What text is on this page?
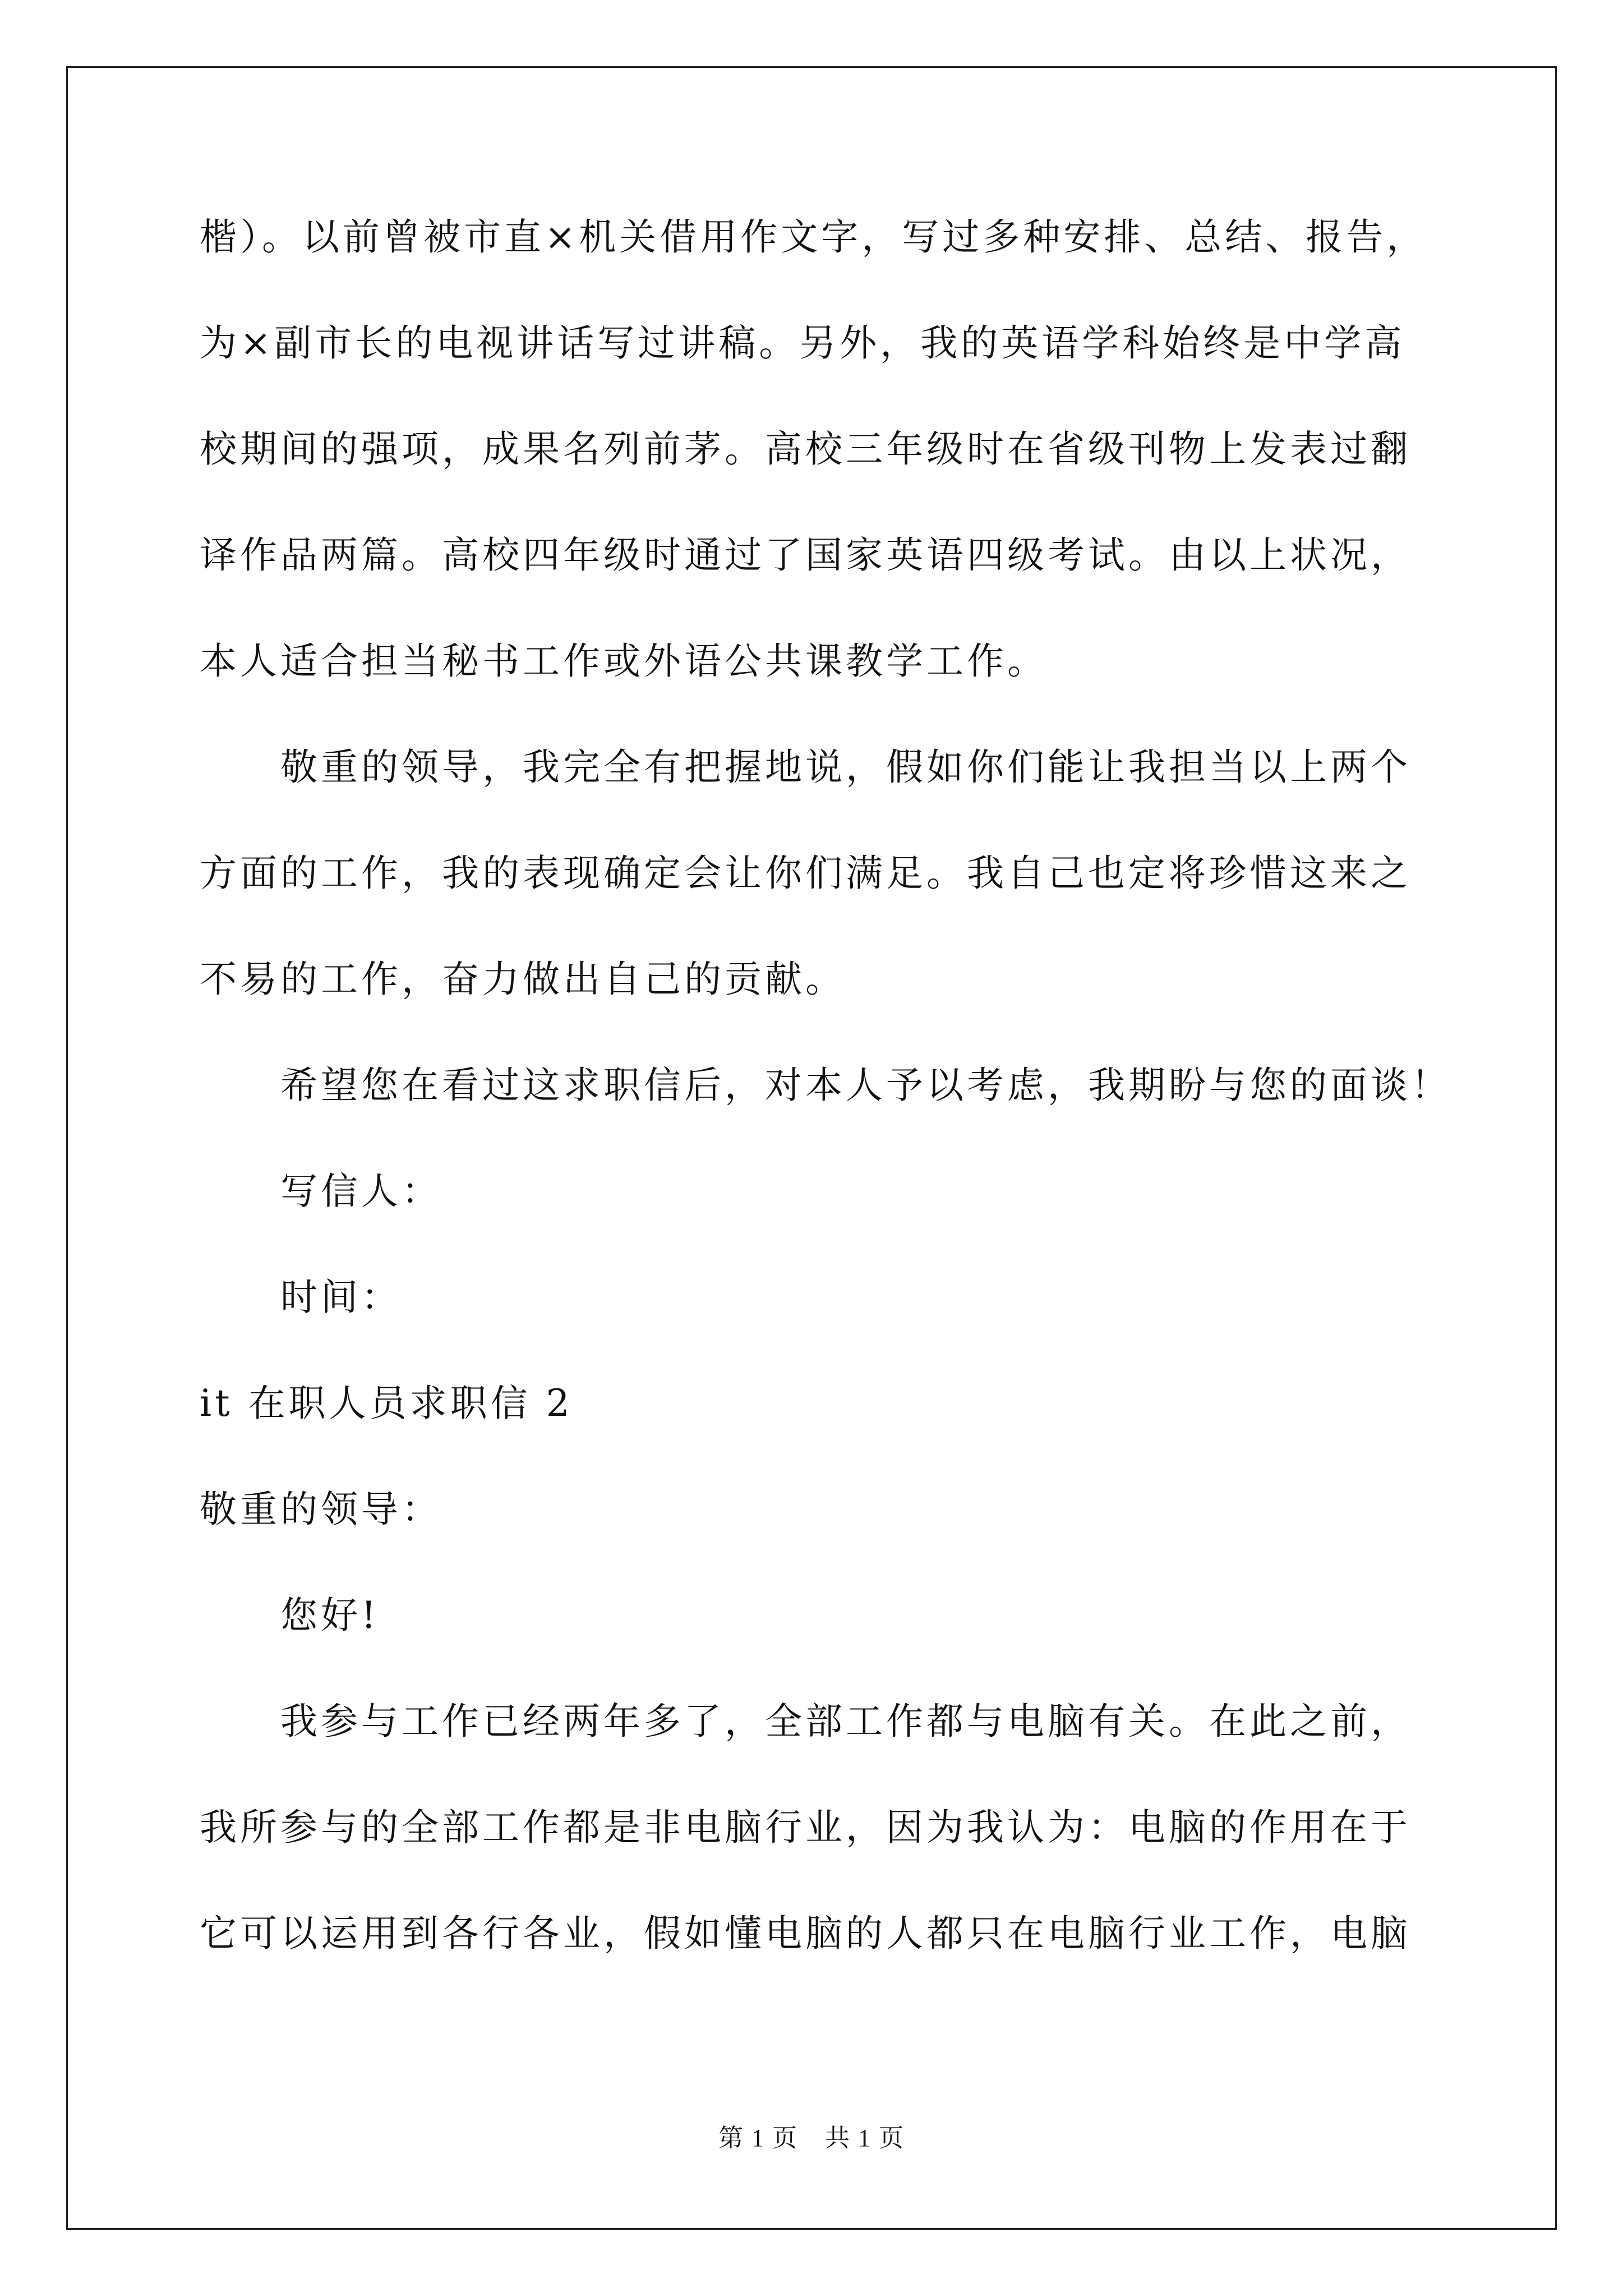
楷）。以前曾被市直×机关借用作文字，写过多种安排、总结、报告，
为×副市长的电视讲话写过讲稿。另外，我的英语学科始终是中学高
校期间的强项，成果名列前茅。高校三年级时在省级刊物上发表过翻
译作品两篇。高校四年级时通过了国家英语四级考试。由以上状况，
本人适合担当秘书工作或外语公共课教学工作。
敬重的领导，我完全有把握地说，假如你们能让我担当以上两个
方面的工作，我的表现确定会让你们满足。我自己也定将珍惜这来之
不易的工作，奋力做出自己的贡献。
希望您在看过这求职信后，对本人予以考虑，我期盼与您的面谈！
写信人：
时间：
it 在职人员求职信 2
敬重的领导：
您好!
我参与工作已经两年多了，全部工作都与电脑有关。在此之前，
我所参与的全部工作都是非电脑行业，因为我认为：电脑的作用在于
它可以运用到各行各业，假如懂电脑的人都只在电脑行业工作，电脑
第 1 页 共 1 页
